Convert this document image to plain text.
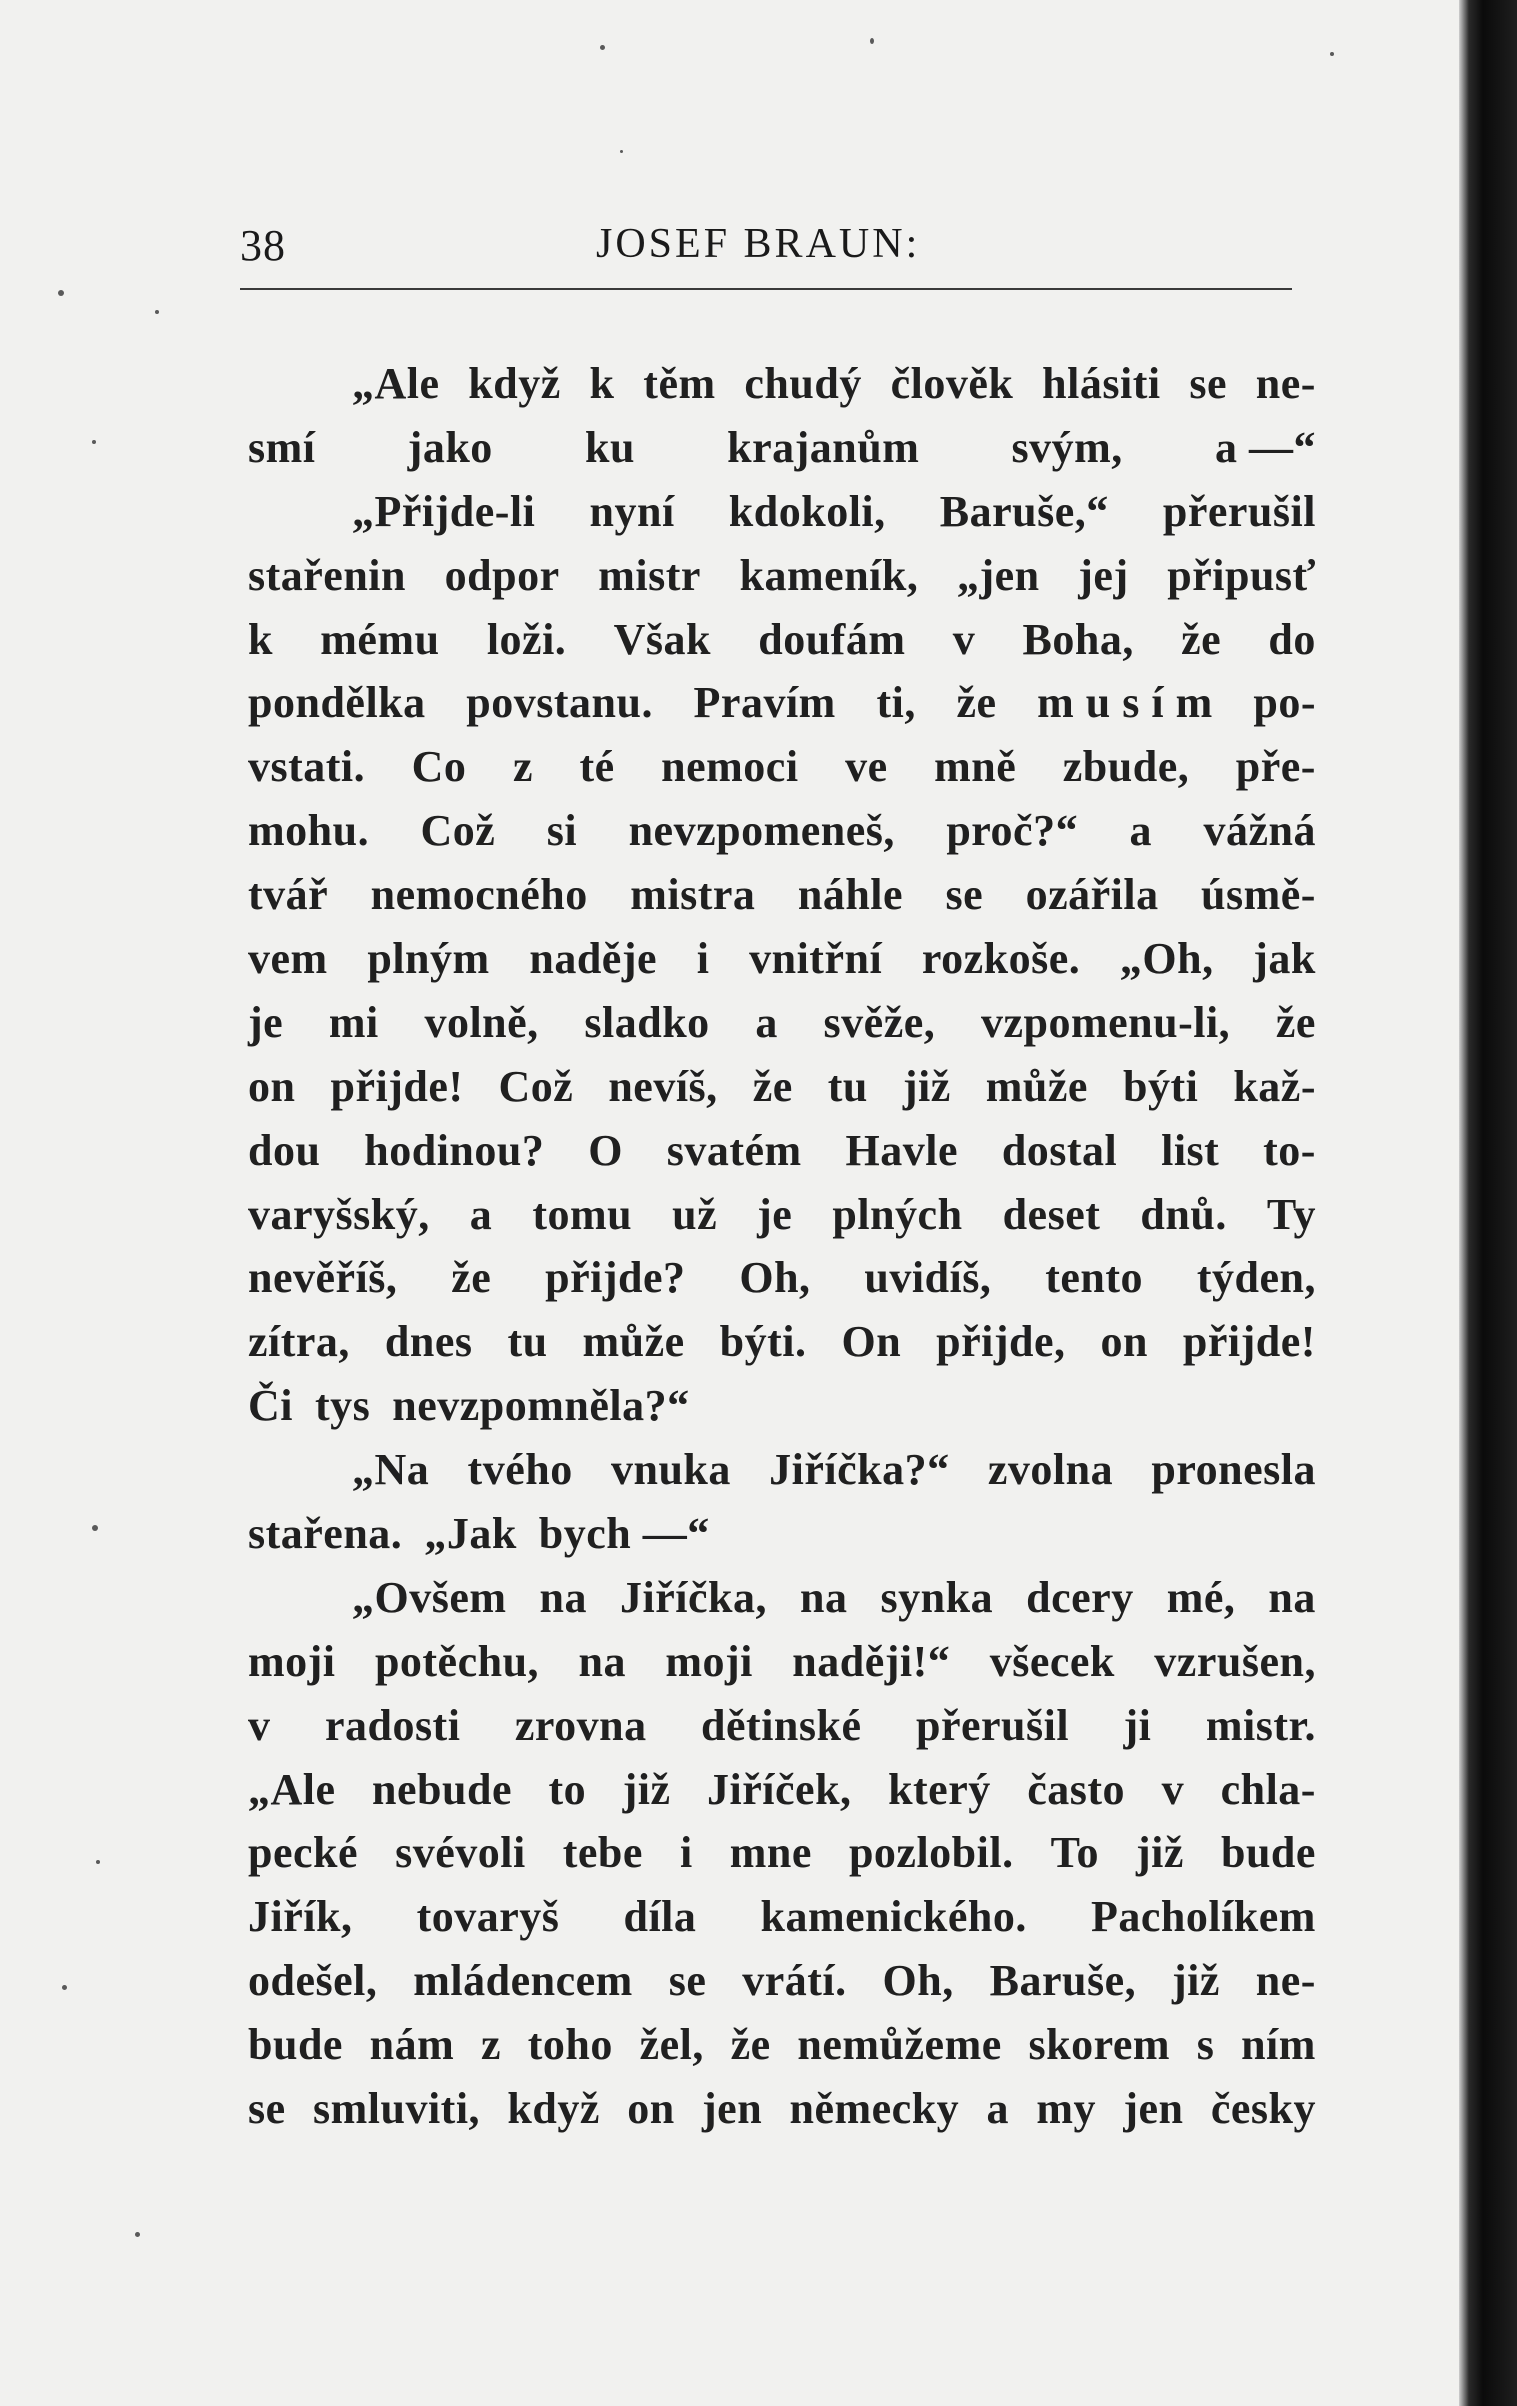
38	JOSEF BRAUN:
„Ale když k těm chudý člověk hlásiti se ne-
smí jako ku krajanům svým, a —“
„Přijde-li nyní kdokoli, Baruše,“ přerušil
stařenin odpor mistr kameník, „jen jej připusť
k mému loži. Však doufám v Boha, že do
pondělka povstanu. Pravím ti, že m u s í m po-
vstati. Co z té nemoci ve mně zbude, pře-
mohu. Což si nevzpomeneš, proč?“ a vážná
tvář nemocného mistra náhle se ozářila úsmě-
vem plným naděje i vnitřní rozkoše. „Oh, jak
je mi volně, sladko a svěže, vzpomenu-li, že
on přijde! Což nevíš, že tu již může býti kaž-
dou hodinou? O svatém Havle dostal list to-
varyšský, a tomu už je plných deset dnů. Ty
nevěříš, že přijde? Oh, uvidíš, tento týden,
zítra, dnes tu může býti. On přijde, on přijde!
Či tys nevzpomněla?“
„Na tvého vnuka Jiříčka?“ zvolna pronesla
stařena. „Jak bych —“
„Ovšem na Jiříčka, na synka dcery mé, na
moji potěchu, na moji naději!“ všecek vzrušen,
v radosti zrovna dětinské přerušil ji mistr.
„Ale nebude to již Jiříček, který často v chla-
pecké svévoli tebe i mne pozlobil. To již bude
Jiřík, tovaryš díla kamenického. Pacholíkem
odešel, mládencem se vrátí. Oh, Baruše, již ne-
bude nám z toho žel, že nemůžeme skorem s ním
se smluviti, když on jen německy a my jen česky
